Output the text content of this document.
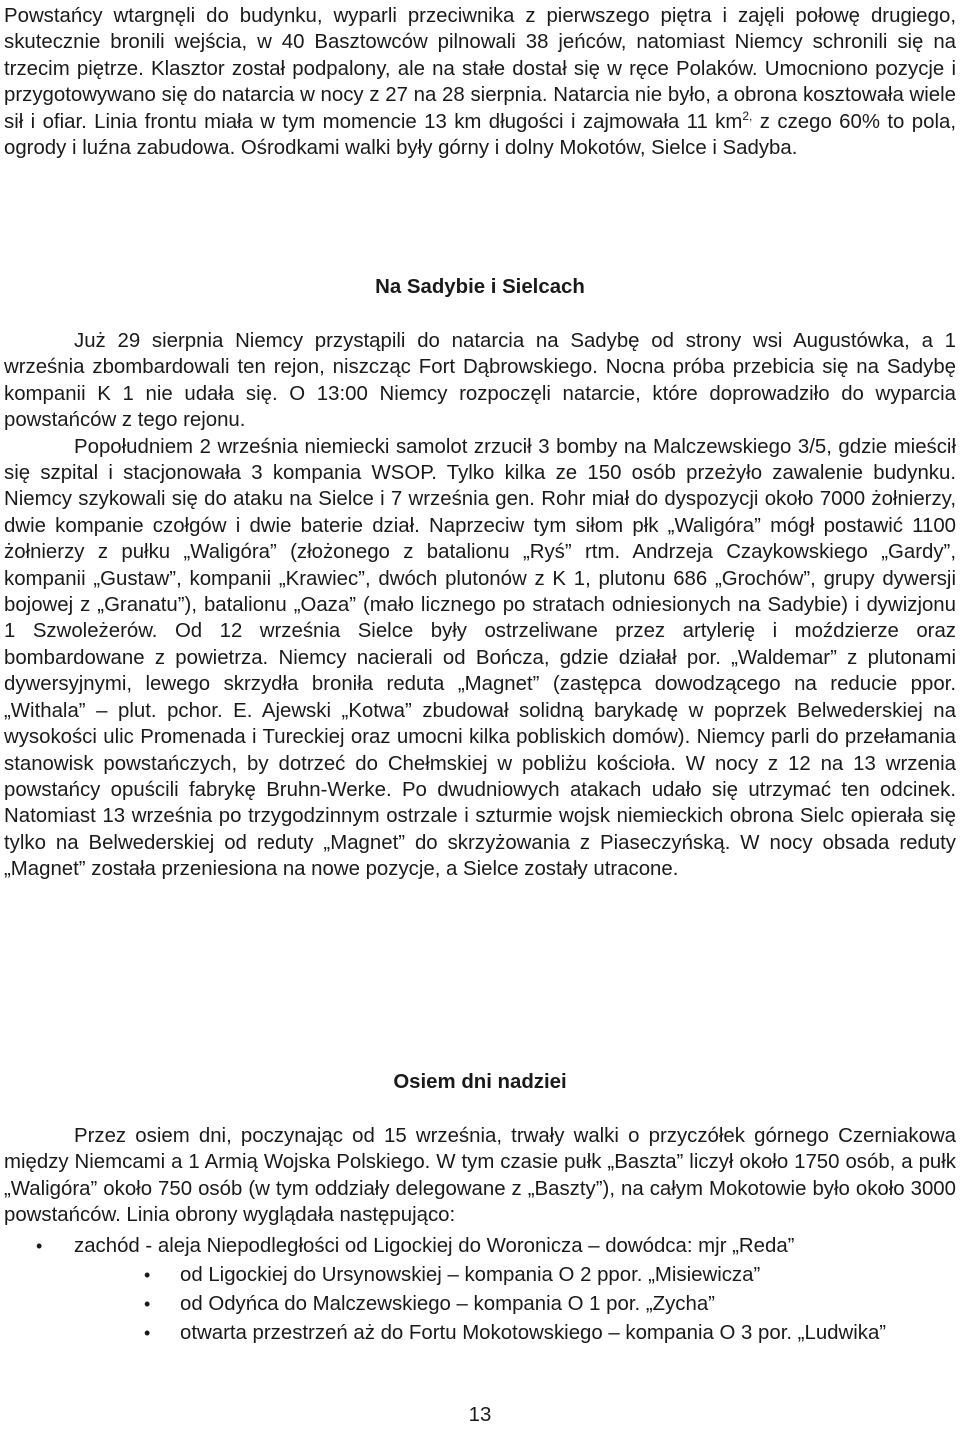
Powstańcy wtargnęli do budynku, wyparli przeciwnika z pierwszego piętra i zajęli połowę drugiego, skutecznie bronili wejścia, w 40 Basztowców pilnowali 38 jeńców, natomiast Niemcy schronili się na trzecim piętrze. Klasztor został podpalony, ale na stałe dostał się w ręce Polaków. Umocniono pozycje i przygotowywano się do natarcia w nocy z 27 na 28 sierpnia. Natarcia nie było, a obrona kosztowała wiele sił i ofiar. Linia frontu miała w tym momencie 13 km długości i zajmowała 11 $km^{2,}$ z czego 60% to pola, ogrody i luźna zabudowa. Ośrodkami walki były górny i dolny Mokotów, Sielce i Sadyba.

Na Sadybie i Sielcach

Już 29 sierpnia Niemcy przystąpili do natarcia na Sadybę od strony wsi Augustówka, a 1 września zbombardowali ten rejon, niszcząc Fort Dąbrowskiego. Nocna próba przebicia się na Sadybę kompanii K 1 nie udała się. O 13:00 Niemcy rozpoczęli natarcie, które doprowadziło do wyparcia powstańców z tego rejonu.

Popołudniem 2 września niemiecki samolot zrzucił 3 bomby na Malczewskiego 3/5, gdzie mieścił się szpital i stacjonowała 3 kompania WSOP. Tylko kilka ze 150 osób przeżyło zawalenie budynku. Niemcy szykowali się do ataku na Sielce i 7 września gen. Rohr miał do dyspozycji około 7000 żołnierzy, dwie kompanie czołgów i dwie baterie dział. Naprzeciw tym siłom płk „Waligóra” mógł postawić 1100 żołnierzy z pułku „Waligóra” (złożonego z batalionu „Ryś” rtm. Andrzeja Czaykowskiego „Gardy”, kompanii „Gustaw”, kompanii „Krawiec”, dwóch plutonów z K 1, plutonu 686 „Grochów”, grupy dywersji bojowej z „Granatu”), batalionu „Oaza” (mało licznego po stratach odniesionych na Sadybie) i dywizjonu 1 Szwoleżerów. Od 12 września Sielce były ostrzeliwane przez artylerię i moździerze oraz bombardowane z powietrza. Niemcy nacierali od Bończa, gdzie działał por. „Waldemar” z plutonami dywersyjnymi, lewego skrzydła broniła reduta „Magnet” (zastępca dowodzącego na reducie ppor. „Withala” – plut. pchor. E. Ajewski „Kotwa” zbudował solidną barykadę w poprzek Belwederskiej na wysokości ulic Promenada i Tureckiej oraz umocni kilka pobliskich domów). Niemcy parli do przełamania stanowisk powstańczych, by dotrzeć do Chełmskiej w pobliżu kościoła. W nocy z 12 na 13 wrzenia powstańcy opuścili fabrykę Bruhn-Werke. Po dwudniowych atakach udało się utrzymać ten odcinek. Natomiast 13 września po trzygodzinnym ostrzale i szturmie wojsk niemieckich obrona Sielc opierała się tylko na Belwederskiej od reduty „Magnet” do skrzyżowania z Piaseczyńską. W nocy obsada reduty „Magnet” została przeniesiona na nowe pozycje, a Sielce zostały utracone.

Osiem dni nadziei

Przez osiem dni, poczynając od 15 września, trwały walki o przyczółek górnego Czerniakowa między Niemcami a 1 Armią Wojska Polskiego. W tym czasie pułk „Baszta” liczył około 1750 osób, a pułk „Waligóra” około 750 osób (w tym oddziały delegowane z „Baszty”), na całym Mokotowie było około 3000 powstańców. Linia obrony wyglądała następująco:

• zachód - aleja Niepodległości od Ligockiej do Woronicza – dowódca: mjr „Reda”
• od Ligockiej do Ursynowskiej – kompania O 2 ppor. „Misiewicza”
• od Odyńca do Malczewskiego – kompania O 1 por. „Zycha”
• otwarta przestrzeń aż do Fortu Mokotowskiego – kompania O 3 por. „Ludwika”
13
